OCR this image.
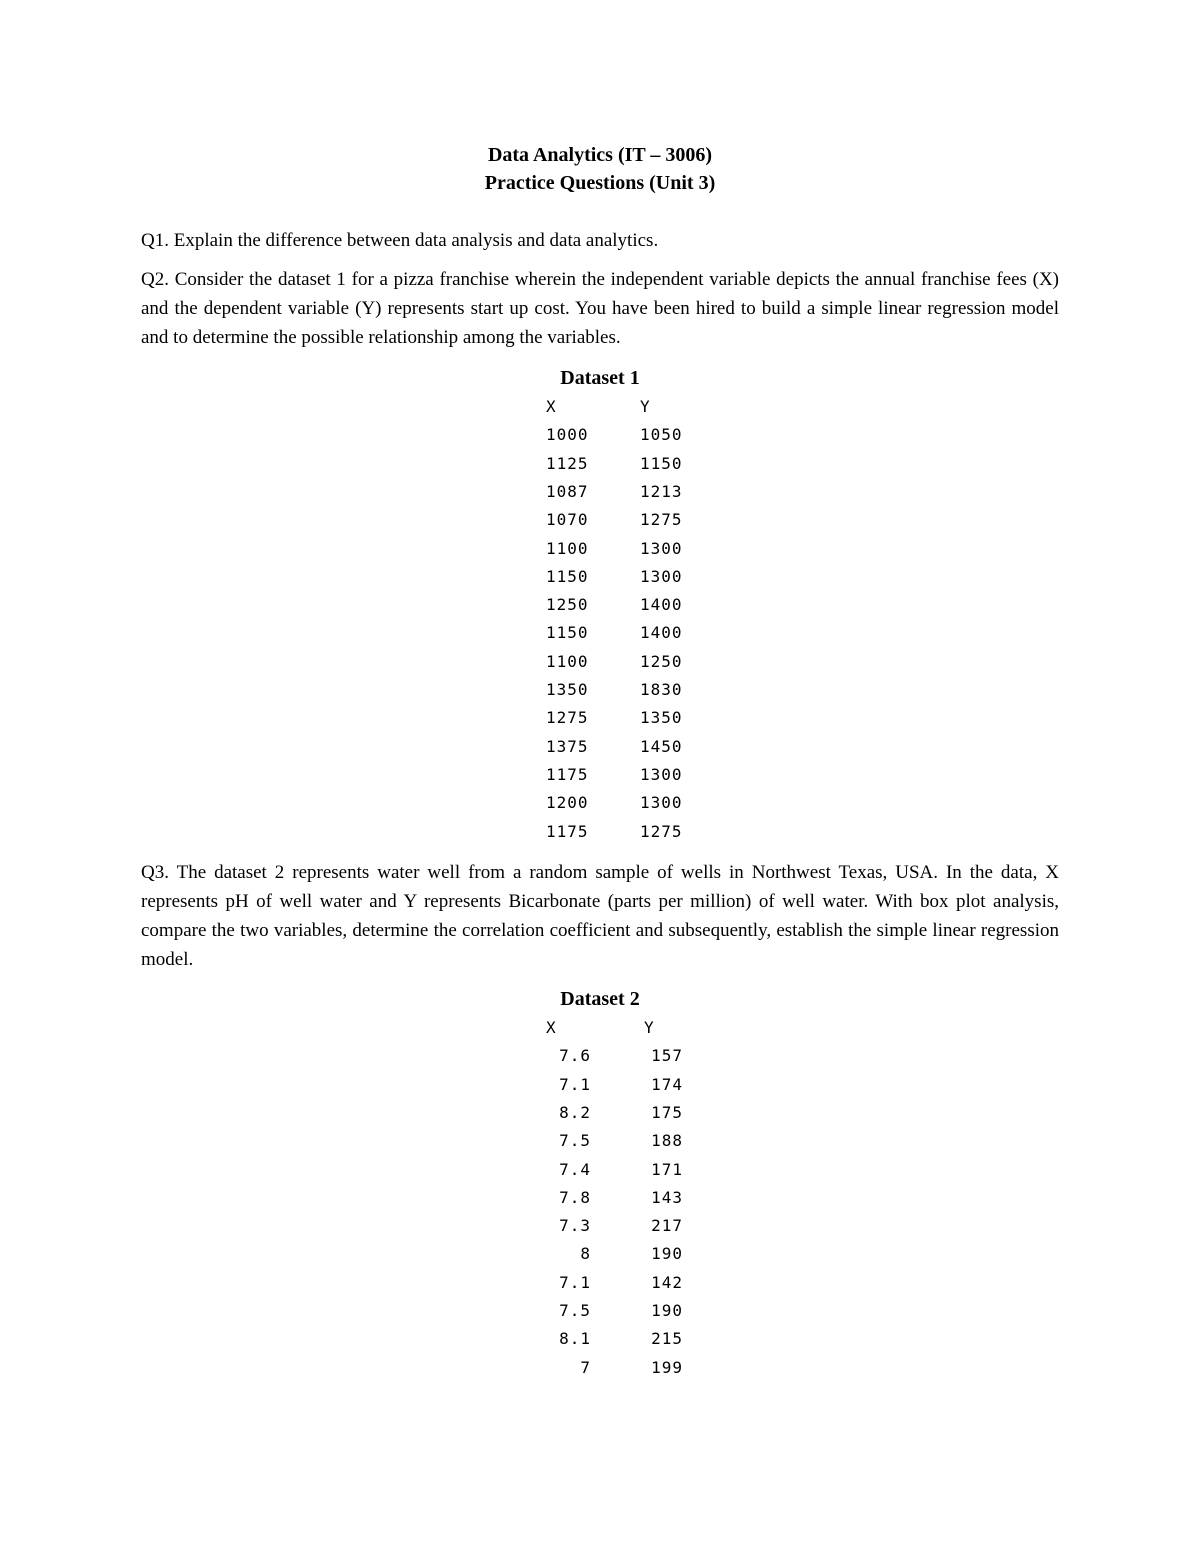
Data Analytics (IT – 3006)
Practice Questions (Unit 3)
Q1. Explain the difference between data analysis and data analytics.
Q2. Consider the dataset 1 for a pizza franchise wherein the independent variable depicts the annual franchise fees (X) and the dependent variable (Y) represents start up cost. You have been hired to build a simple linear regression model and to determine the possible relationship among the variables.
Dataset 1
X	Y
1000	1050
1125	1150
1087	1213
1070	1275
1100	1300
1150	1300
1250	1400
1150	1400
1100	1250
1350	1830
1275	1350
1375	1450
1175	1300
1200	1300
1175	1275
Q3. The dataset 2 represents water well from a random sample of wells in Northwest Texas, USA. In the data, X represents pH of well water and Y represents Bicarbonate (parts per million) of well water. With box plot analysis, compare the two variables, determine the correlation coefficient and subsequently, establish the simple linear regression model.
Dataset 2
X	Y
7.6	157
7.1	174
8.2	175
7.5	188
7.4	171
7.8	143
7.3	217
8	190
7.1	142
7.5	190
8.1	215
7	199
